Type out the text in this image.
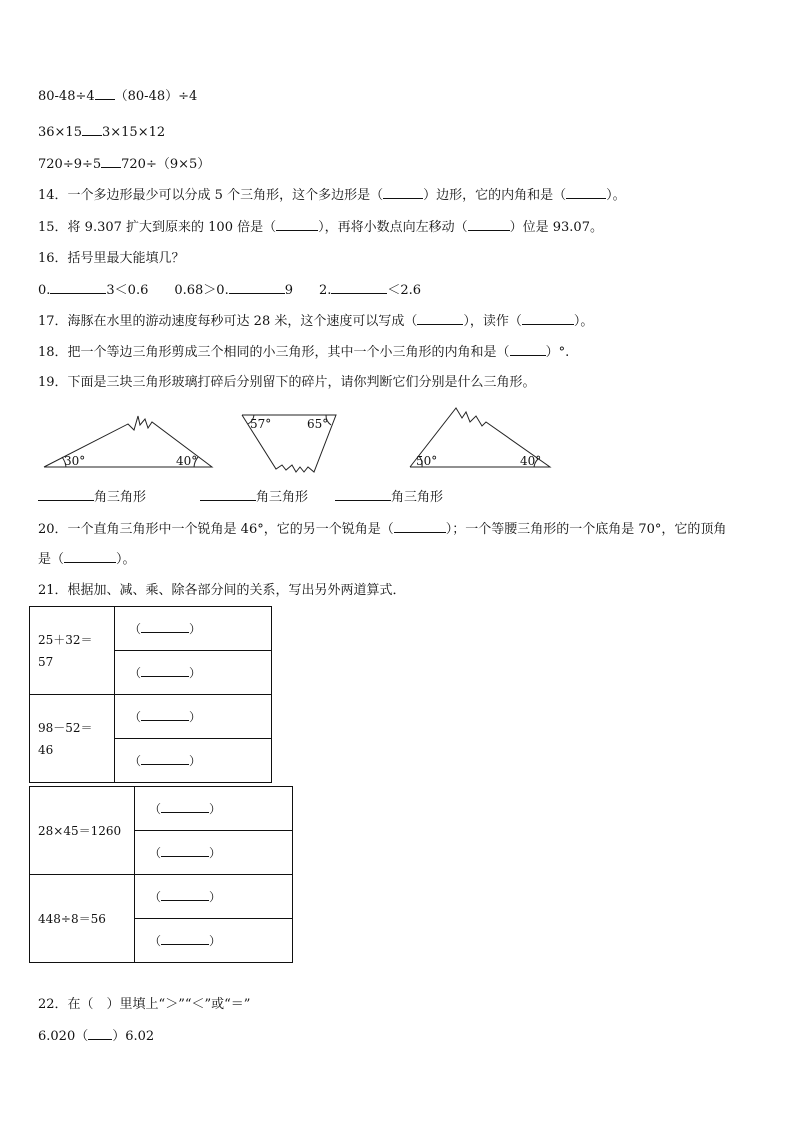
80-48÷4 （80-48）÷4
36×15 3×15×12
720÷9÷5 720÷（9×5）
14．一个多边形最少可以分成 5 个三角形，这个多边形是（	）边形，它的内角和是（	）。
15．将 9.307 扩大到原来的 100 倍是（	），再将小数点向左移动（	）位是 93.07。
16．括号里最大能填几？
0.	3＜0.6 0.68＞0.	9 2.	＜2.6
17．海豚在水里的游动速度每秒可达 28 米，这个速度可以写成（	），读作（	）。
18．把一个等边三角形剪成三个相同的小三角形，其中一个小三角形的内角和是（	）°.
19．下面是三块三角形玻璃打碎后分别留下的碎片，请你判断它们分别是什么三角形。
30°	40°
57°	65°
50°	40°
角三角形	角三角形	角三角形
20．一个直角三角形中一个锐角是 46°，它的另一个锐角是（	）；一个等腰三角形的一个底角是 70°，它的顶角
是（	）。
21．根据加、减、乘、除各部分间的关系，写出另外两道算式．
25＋32＝
57	（ ）
	（ ）
98－52＝
46	（ ）
	（ ）
28×45＝1260	（ ）
	（ ）
448÷8＝56	（ ）
	（ ）
22．在（　）里填上“＞”“＜”或“＝”
6.020（ ）6.02
